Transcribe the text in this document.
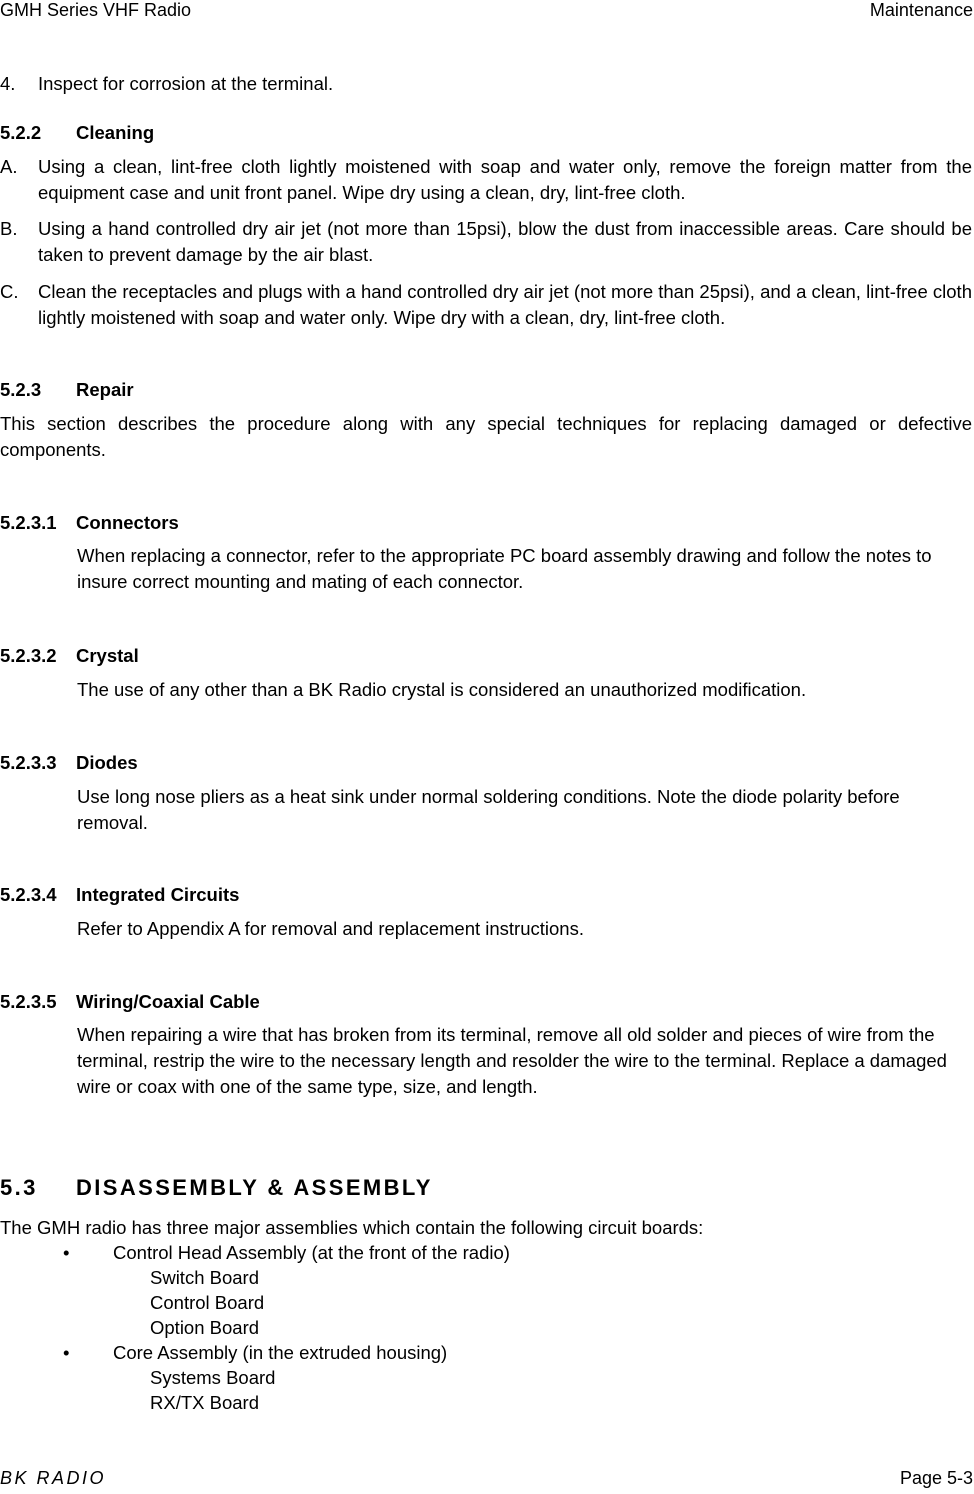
GMH Series VHF Radio	Maintenance
4. Inspect for corrosion at the terminal.
5.2.2 Cleaning
A. Using a clean, lint-free cloth lightly moistened with soap and water only, remove the foreign matter from the equipment case and unit front panel. Wipe dry using a clean, dry, lint-free cloth.
B. Using a hand controlled dry air jet (not more than 15psi), blow the dust from inaccessible areas. Care should be taken to prevent damage by the air blast.
C. Clean the receptacles and plugs with a hand controlled dry air jet (not more than 25psi), and a clean, lint-free cloth lightly moistened with soap and water only. Wipe dry with a clean, dry, lint-free cloth.
5.2.3 Repair
This section describes the procedure along with any special techniques for replacing damaged or defective components.
5.2.3.1 Connectors
When replacing a connector, refer to the appropriate PC board assembly drawing and follow the notes to insure correct mounting and mating of each connector.
5.2.3.2 Crystal
The use of any other than a BK Radio crystal is considered an unauthorized modification.
5.2.3.3 Diodes
Use long nose pliers as a heat sink under normal soldering conditions. Note the diode polarity before removal.
5.2.3.4 Integrated Circuits
Refer to Appendix A for removal and replacement instructions.
5.2.3.5 Wiring/Coaxial Cable
When repairing a wire that has broken from its terminal, remove all old solder and pieces of wire from the terminal, restrip the wire to the necessary length and resolder the wire to the terminal. Replace a damaged wire or coax with one of the same type, size, and length.
5.3 DISASSEMBLY & ASSEMBLY
The GMH radio has three major assemblies which contain the following circuit boards:
• Control Head Assembly (at the front of the radio)
Switch Board
Control Board
Option Board
• Core Assembly (in the extruded housing)
Systems Board
RX/TX Board
BK RADIO	Page 5-3
